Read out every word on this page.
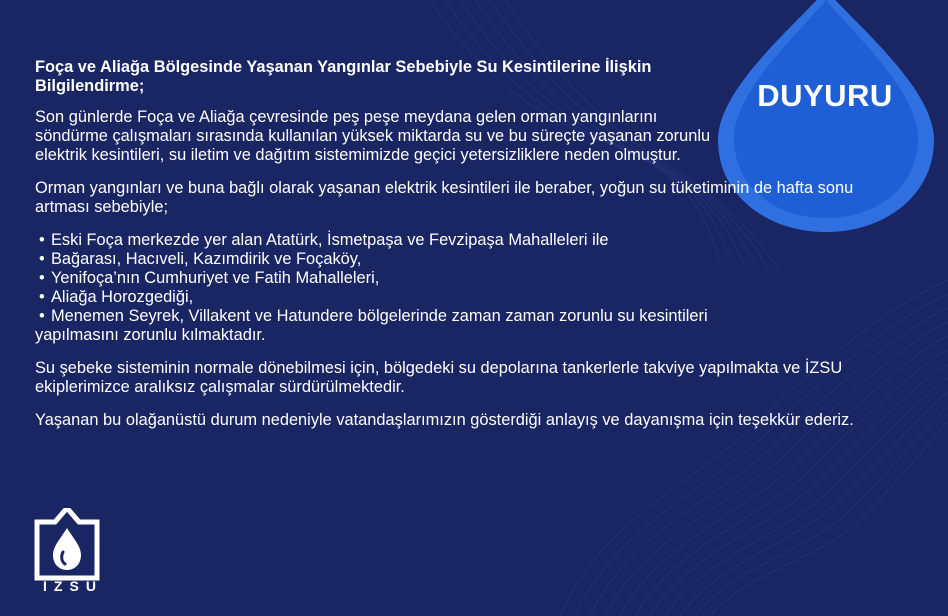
DUYURU

Foça ve Aliağa Bölgesinde Yaşanan Yangınlar Sebebiyle Su Kesintilerine İlişkin Bilgilendirme;

Son günlerde Foça ve Aliağa çevresinde peş peşe meydana gelen orman yangınlarını söndürme çalışmaları sırasında kullanılan yüksek miktarda su ve bu süreçte yaşanan zorunlu elektrik kesintileri, su iletim ve dağıtım sistemimizde geçici yetersizliklere neden olmuştur.

Orman yangınları ve buna bağlı olarak yaşanan elektrik kesintileri ile beraber, yoğun su tüketiminin de hafta sonu artması sebebiyle;

• Eski Foça merkezde yer alan Atatürk, İsmetpaşa ve Fevzipaşa Mahalleleri ile
• Bağarası, Hacıveli, Kazımdirik ve Foçaköy,
• Yenifoça’nın Cumhuriyet ve Fatih Mahalleleri,
• Aliağa Horozgediği,
• Menemen Seyrek, Villakent ve Hatundere bölgelerinde zaman zaman zorunlu su kesintileri

yapılmasını zorunlu kılmaktadır.

Su şebeke sisteminin normale dönebilmesi için, bölgedeki su depolarına tankerlerle takviye yapılmakta ve İZSU ekiplerimizce aralıksız çalışmalar sürdürülmektedir.

Yaşanan bu olağanüstü durum nedeniyle vatandaşlarımızın gösterdiği anlayış ve dayanışma için teşekkür ederiz.

İZSU
